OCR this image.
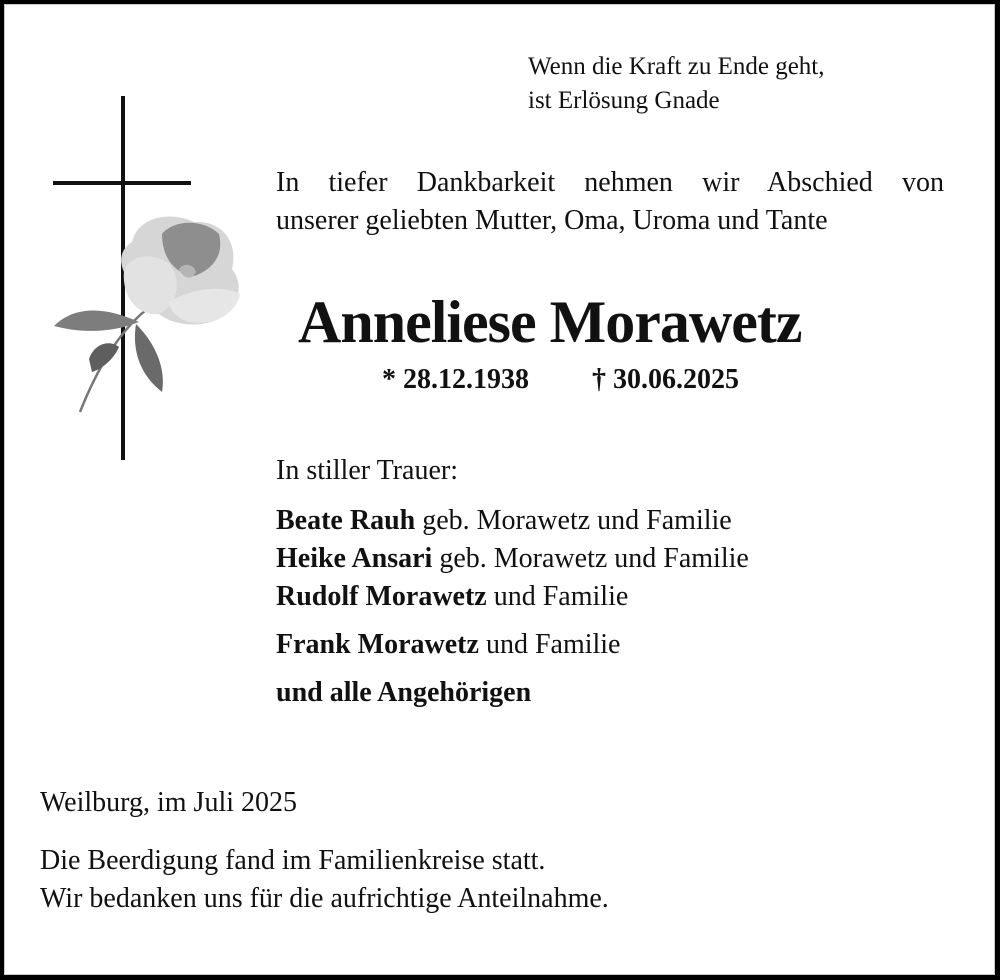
Wenn die Kraft zu Ende geht,
ist Erlösung Gnade
In tiefer Dankbarkeit nehmen wir Abschied von
unserer geliebten Mutter, Oma, Uroma und Tante
Anneliese Morawetz
* 28.12.1938 † 30.06.2025
In stiller Trauer:
Beate Rauh geb. Morawetz und Familie
Heike Ansari geb. Morawetz und Familie
Rudolf Morawetz und Familie
Frank Morawetz und Familie
und alle Angehörigen
Weilburg, im Juli 2025
Die Beerdigung fand im Familienkreise statt.
Wir bedanken uns für die aufrichtige Anteilnahme.
